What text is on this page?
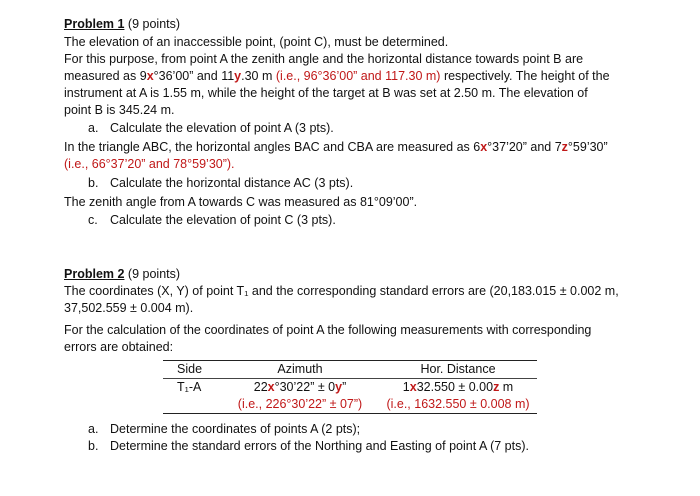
Problem 1 (9 points)
The elevation of an inaccessible point, (point C), must be determined.
For this purpose, from point A the zenith angle and the horizontal distance towards point B are
measured as 9x°36’00” and 11y.30 m (i.e., 96°36’00” and 117.30 m) respectively. The height of the
instrument at A is 1.55 m, while the height of the target at B was set at 2.50 m. The elevation of
point B is 345.24 m.
a. Calculate the elevation of point A (3 pts).
In the triangle ABC, the horizontal angles BAC and CBA are measured as 6x°37’20” and 7z°59’30”
(i.e., 66°37’20” and 78°59’30”).
b. Calculate the horizontal distance AC (3 pts).
The zenith angle from A towards C was measured as 81°09’00”.
c. Calculate the elevation of point C (3 pts).
Problem 2 (9 points)
The coordinates (X, Y) of point T₁ and the corresponding standard errors are (20,183.015 ± 0.002 m,
37,502.559 ± 0.004 m).
For the calculation of the coordinates of point A the following measurements with corresponding
errors are obtained:
Side	Azimuth	Hor. Distance
T₁-A	22x°30’22” ± 0y”	1x32.550 ± 0.00z m
	(i.e., 226°30’22” ± 07”)	(i.e., 1632.550 ± 0.008 m)
a. Determine the coordinates of points A (2 pts);
b. Determine the standard errors of the Northing and Easting of point A (7 pts).
